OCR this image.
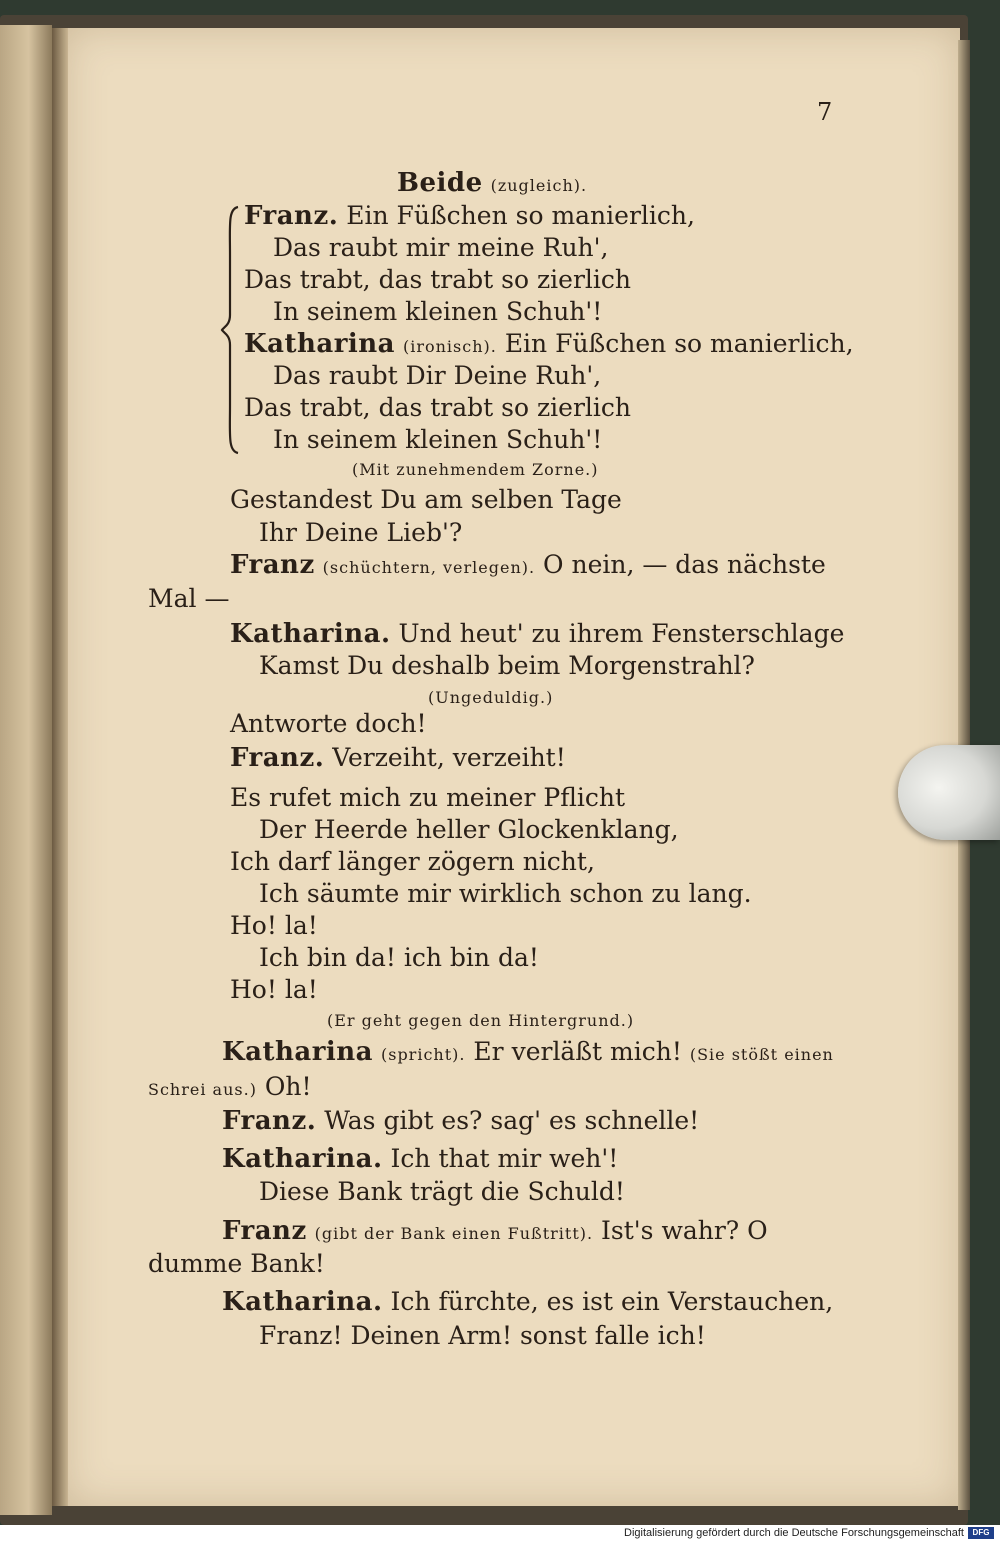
7
Beide (zugleich).
Franz. Ein Füßchen so manierlich,
Das raubt mir meine Ruh',
Das trabt, das trabt so zierlich
In seinem kleinen Schuh'!
Katharina (ironisch). Ein Füßchen so manierlich,
Das raubt Dir Deine Ruh',
Das trabt, das trabt so zierlich
In seinem kleinen Schuh'!
(Mit zunehmendem Zorne.)
Gestandest Du am selben Tage
Ihr Deine Lieb'?
Franz (schüchtern, verlegen). O nein, — das nächste
Mal —
Katharina. Und heut' zu ihrem Fensterschlage
Kamst Du deshalb beim Morgenstrahl?
(Ungeduldig.)
Antworte doch!
Franz. Verzeiht, verzeiht!
Es rufet mich zu meiner Pflicht
Der Heerde heller Glockenklang,
Ich darf länger zögern nicht,
Ich säumte mir wirklich schon zu lang.
Ho! la!
Ich bin da! ich bin da!
Ho! la!
(Er geht gegen den Hintergrund.)
Katharina (spricht). Er verläßt mich! (Sie stößt einen
Schrei aus.) Oh!
Franz. Was gibt es? sag' es schnelle!
Katharina. Ich that mir weh'!
Diese Bank trägt die Schuld!
Franz (gibt der Bank einen Fußtritt). Ist's wahr? O
dumme Bank!
Katharina. Ich fürchte, es ist ein Verstauchen,
Franz! Deinen Arm! sonst falle ich!
Digitalisierung gefördert durch die Deutsche Forschungsgemeinschaft	DFG
